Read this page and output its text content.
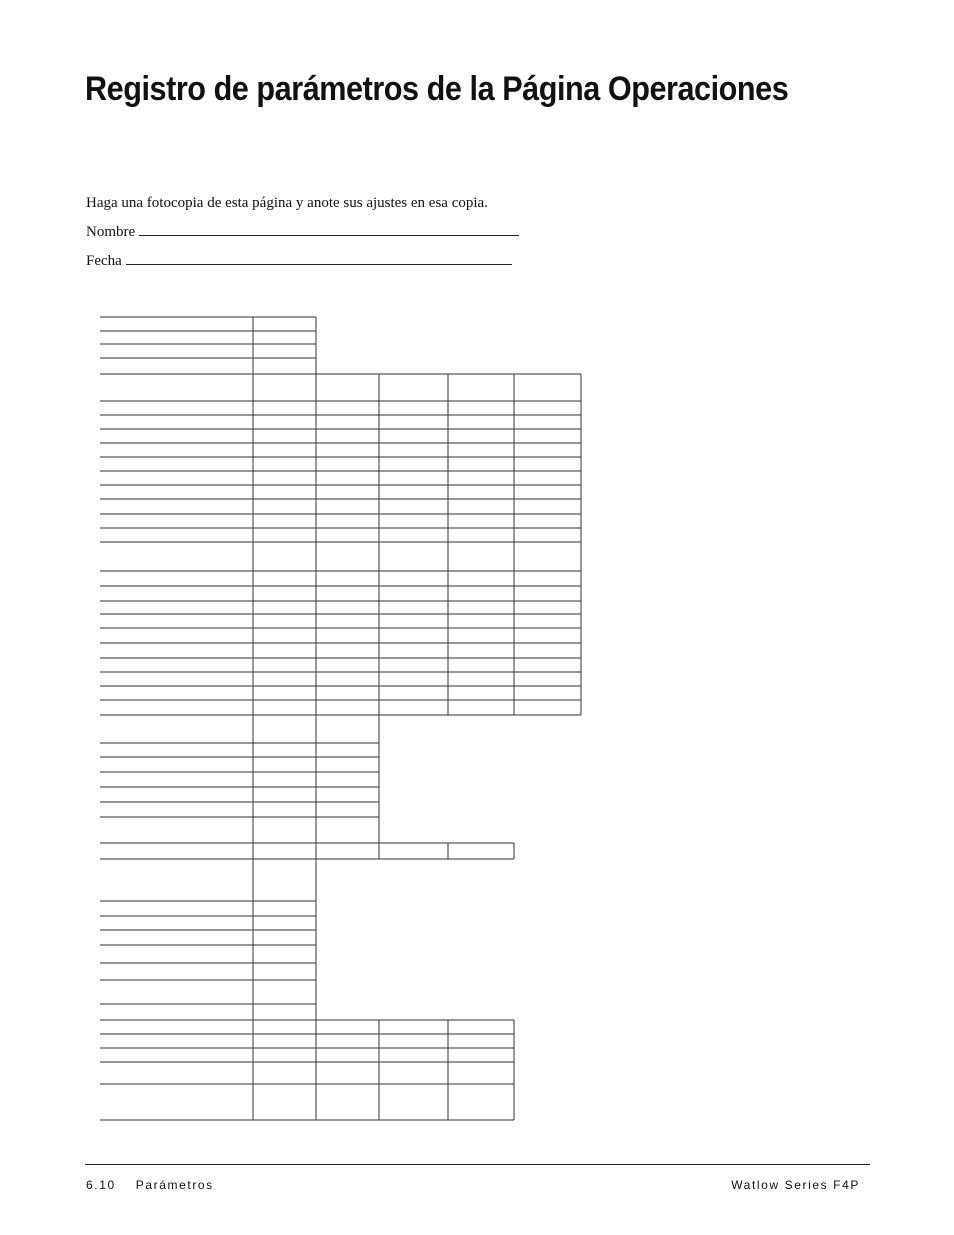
Registro de parámetros de la Página Operaciones
Haga una fotocopia de esta página y anote sus ajustes en esa copia.
Nombre
Fecha
6.10 Parámetros	Watlow Series F4P
